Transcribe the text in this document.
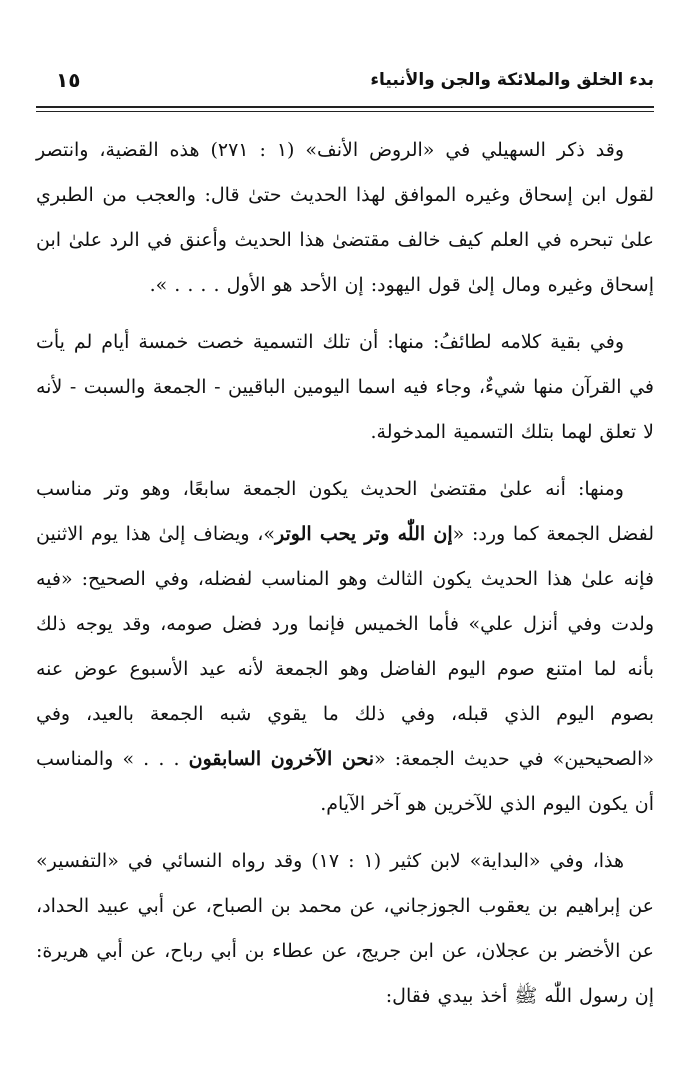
بدء الخلق والملائكة والجن والأنبياء
١٥

وقد ذكر السهيلي في «الروض الأنف» (١ : ٢٧١) هذه القضية، وانتصر لقول ابن إسحاق وغيره الموافق لهذا الحديث حتىٰ قال: والعجب من الطبري علىٰ تبحره في العلم كيف خالف مقتضىٰ هذا الحديث وأعنق في الرد علىٰ ابن إسحاق وغيره ومال إلىٰ قول اليهود: إن الأحد هو الأول . . . . ».

وفي بقية كلامه لطائفُ: منها: أن تلك التسمية خصت خمسة أيام لم يأت في القرآن منها شيءٌ، وجاء فيه اسما اليومين الباقيين - الجمعة والسبت - لأنه لا تعلق لهما بتلك التسمية المدخولة.

ومنها: أنه علىٰ مقتضىٰ الحديث يكون الجمعة سابعًا، وهو وتر مناسب لفضل الجمعة كما ورد: «إن اللّٰه وتر يحب الوتر»، ويضاف إلىٰ هذا يوم الاثنين فإنه علىٰ هذا الحديث يكون الثالث وهو المناسب لفضله، وفي الصحيح: «فيه ولدت وفي أنزل علي» فأما الخميس فإنما ورد فضل صومه، وقد يوجه ذلك بأنه لما امتنع صوم اليوم الفاضل وهو الجمعة لأنه عيد الأسبوع عوض عنه بصوم اليوم الذي قبله، وفي ذلك ما يقوي شبه الجمعة بالعيد، وفي «الصحيحين» في حديث الجمعة: «نحن الآخرون السابقون . . . » والمناسب أن يكون اليوم الذي للآخرين هو آخر الآيام.

هذا، وفي «البداية» لابن كثير (١ : ١٧) وقد رواه النسائي في «التفسير» عن إبراهيم بن يعقوب الجوزجاني، عن محمد بن الصباح، عن أبي عبيد الحداد، عن الأخضر بن عجلان، عن ابن جريج، عن عطاء بن أبي رباح، عن أبي هريرة: إن رسول اللّٰه ﷺ أخذ بيدي فقال:
